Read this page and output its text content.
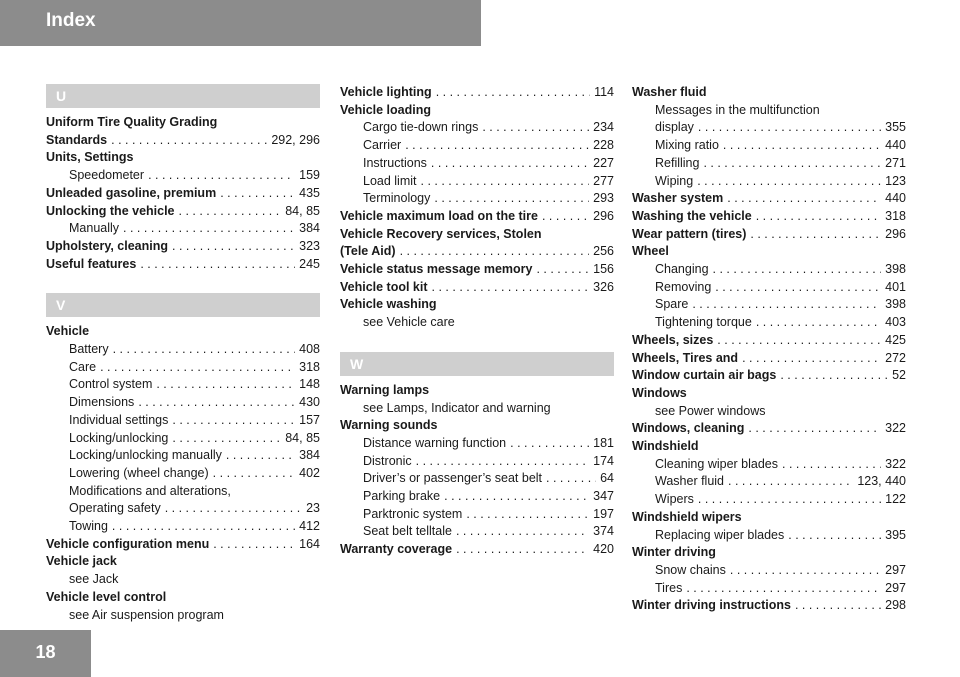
Index
U
Uniform Tire Quality Grading
Standards . . .	292, 296
Units, Settings
Speedometer . . .	159
Unleaded gasoline, premium . . .	435
Unlocking the vehicle . . .	84, 85
Manually . . .	384
Upholstery, cleaning . . .	323
Useful features . . .	245
V
Vehicle
Battery . . .	408
Care . . .	318
Control system . . .	148
Dimensions . . .	430
Individual settings . . .	157
Locking/unlocking . . .	84, 85
Locking/unlocking manually . . .	384
Lowering (wheel change) . . .	402
Modifications and alterations,
Operating safety . . .	23
Towing . . .	412
Vehicle configuration menu . . .	164
Vehicle jack
see Jack
Vehicle level control
see Air suspension program
Vehicle lighting . . .	114
Vehicle loading
Cargo tie-down rings . . .	234
Carrier . . .	228
Instructions . . .	227
Load limit . . .	277
Terminology . . .	293
Vehicle maximum load on the tire . . .	296
Vehicle Recovery services, Stolen
(Tele Aid) . . .	256
Vehicle status message memory . . .	156
Vehicle tool kit . . .	326
Vehicle washing
see Vehicle care
W
Warning lamps
see Lamps, Indicator and warning
Warning sounds
Distance warning function . . .	181
Distronic . . .	174
Driver’s or passenger’s seat belt . . .	64
Parking brake . . .	347
Parktronic system . . .	197
Seat belt telltale . . .	374
Warranty coverage . . .	420
Washer fluid
Messages in the multifunction
display . . .	355
Mixing ratio . . .	440
Refilling . . .	271
Wiping . . .	123
Washer system . . .	440
Washing the vehicle . . .	318
Wear pattern (tires) . . .	296
Wheel
Changing . . .	398
Removing . . .	401
Spare . . .	398
Tightening torque . . .	403
Wheels, sizes . . .	425
Wheels, Tires and . . .	272
Window curtain air bags . . .	52
Windows
see Power windows
Windows, cleaning . . .	322
Windshield
Cleaning wiper blades . . .	322
Washer fluid . . .	123, 440
Wipers . . .	122
Windshield wipers
Replacing wiper blades . . .	395
Winter driving
Snow chains . . .	297
Tires . . .	297
Winter driving instructions . . .	298
18
